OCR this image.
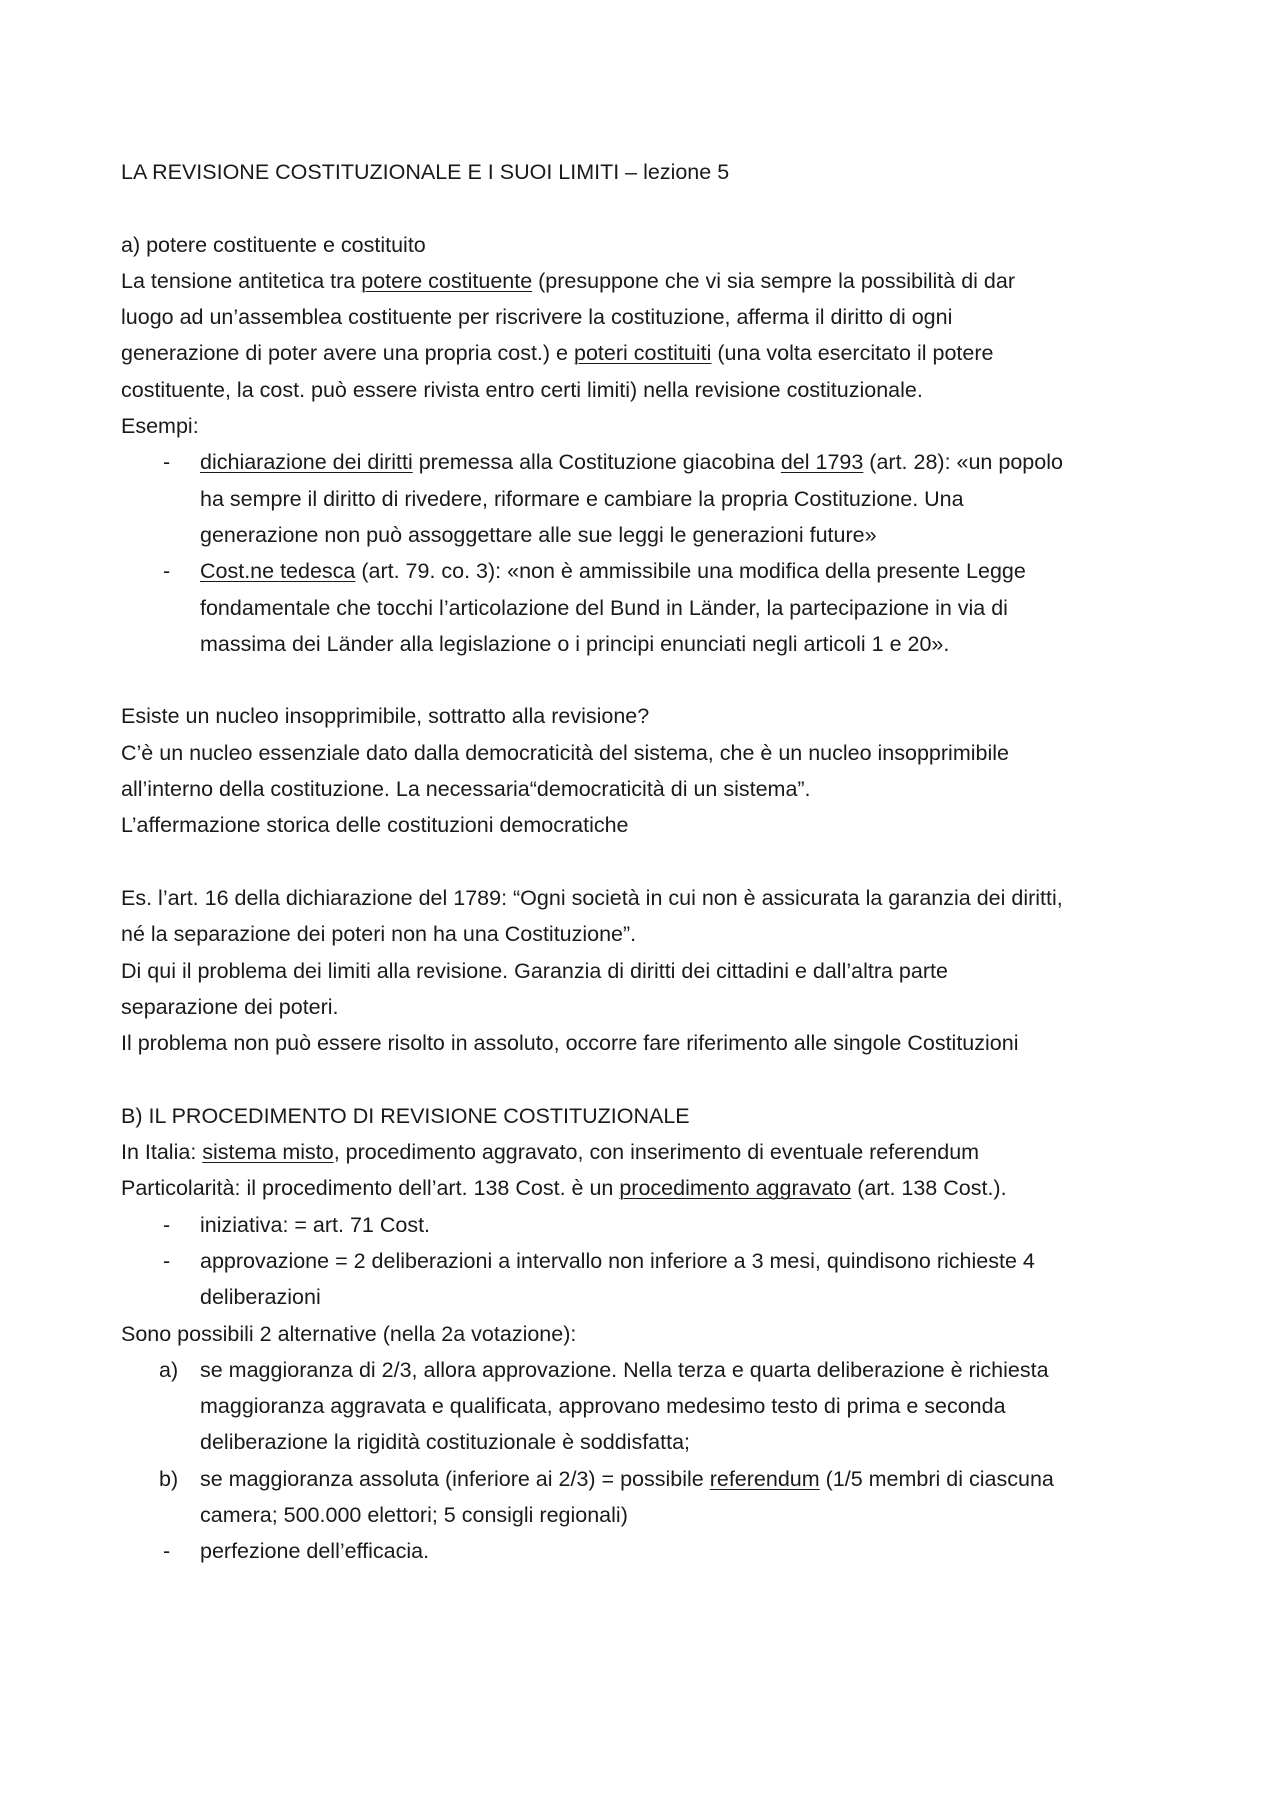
LA REVISIONE COSTITUZIONALE E I SUOI LIMITI – lezione 5
a) potere costituente e costituito
La tensione antitetica tra potere costituente (presuppone che vi sia sempre la possibilità di dar
luogo ad un’assemblea costituente per riscrivere la costituzione, afferma il diritto di ogni
generazione di poter avere una propria cost.) e poteri costituiti (una volta esercitato il potere
costituente, la cost. può essere rivista entro certi limiti) nella revisione costituzionale.
Esempi:
- dichiarazione dei diritti premessa alla Costituzione giacobina del 1793 (art. 28): «un popolo
ha sempre il diritto di rivedere, riformare e cambiare la propria Costituzione. Una
generazione non può assoggettare alle sue leggi le generazioni future»
- Cost.ne tedesca (art. 79. co. 3): «non è ammissibile una modifica della presente Legge
fondamentale che tocchi l’articolazione del Bund in Länder, la partecipazione in via di
massima dei Länder alla legislazione o i principi enunciati negli articoli 1 e 20».
Esiste un nucleo insopprimibile, sottratto alla revisione?
C’è un nucleo essenziale dato dalla democraticità del sistema, che è un nucleo insopprimibile
all’interno della costituzione. La necessaria“democraticità di un sistema”.
L’affermazione storica delle costituzioni democratiche
Es. l’art. 16 della dichiarazione del 1789: “Ogni società in cui non è assicurata la garanzia dei diritti,
né la separazione dei poteri non ha una Costituzione”.
Di qui il problema dei limiti alla revisione. Garanzia di diritti dei cittadini e dall’altra parte
separazione dei poteri.
Il problema non può essere risolto in assoluto, occorre fare riferimento alle singole Costituzioni
B) IL PROCEDIMENTO DI REVISIONE COSTITUZIONALE
In Italia: sistema misto, procedimento aggravato, con inserimento di eventuale referendum
Particolarità: il procedimento dell’art. 138 Cost. è un procedimento aggravato (art. 138 Cost.).
- iniziativa: = art. 71 Cost.
- approvazione = 2 deliberazioni a intervallo non inferiore a 3 mesi, quindisono richieste 4
deliberazioni
Sono possibili 2 alternative (nella 2a votazione):
a) se maggioranza di 2/3, allora approvazione. Nella terza e quarta deliberazione è richiesta
maggioranza aggravata e qualificata, approvano medesimo testo di prima e seconda
deliberazione la rigidità costituzionale è soddisfatta;
b) se maggioranza assoluta (inferiore ai 2/3) = possibile referendum (1/5 membri di ciascuna
camera; 500.000 elettori; 5 consigli regionali)
- perfezione dell’efficacia.
